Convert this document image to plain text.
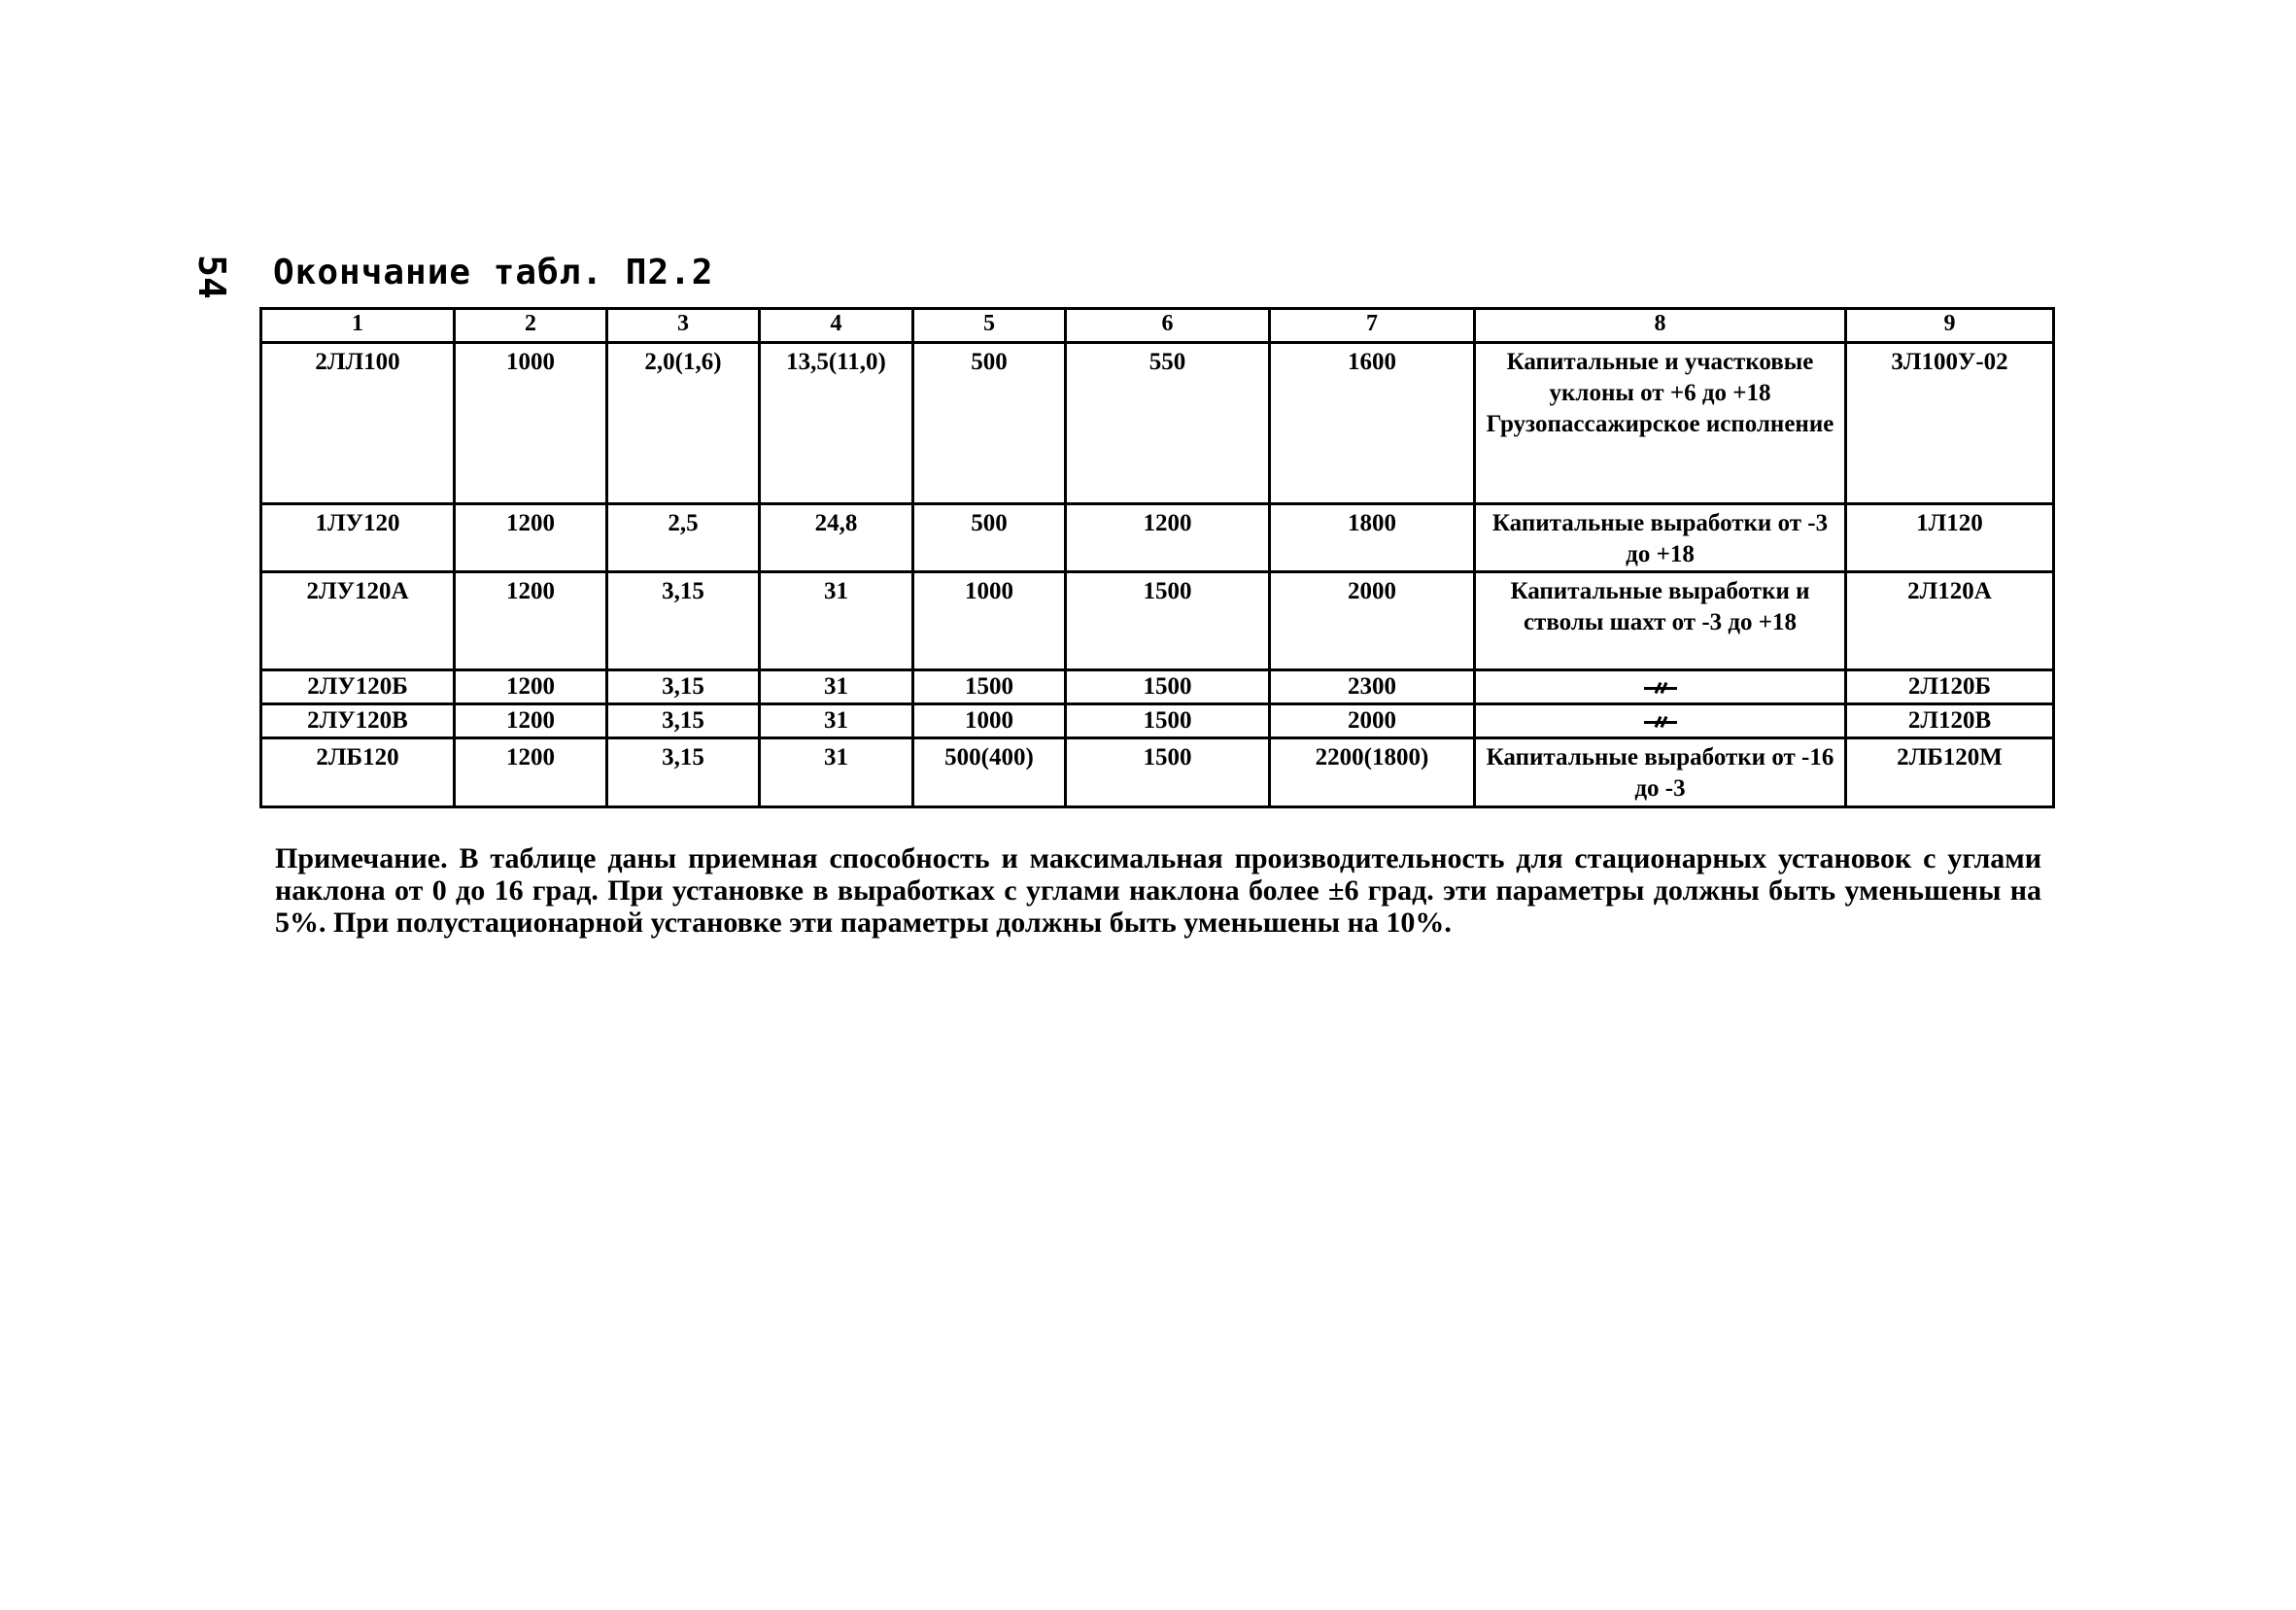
54 Окончание табл. П2.2
1	2	3	4	5	6	7	8	9
2ЛЛ100	1000	2,0(1,6)	13,5(11,0)	500	550	1600	Капитальные и участковые уклоны от +6 до +18 Грузопассажирское исполнение	3Л100У-02
1ЛУ120	1200	2,5	24,8	500	1200	1800	Капитальные выработки от -3 до +18	1Л120
2ЛУ120А	1200	3,15	31	1000	1500	2000	Капитальные выработки и стволы шахт от -3 до +18	2Л120А
2ЛУ120Б	1200	3,15	31	1500	1500	2300		2Л120Б
2ЛУ120В	1200	3,15	31	1000	1500	2000		2Л120В
2ЛБ120	1200	3,15	31	500(400)	1500	2200(1800)	Капитальные выработки от -16 до -3	2ЛБ120М
Примечание. В таблице даны приемная способность и максимальная производительность для стационарных установок с углами наклона от 0 до 16 град. При установке в выработках с углами наклона более ±6 град. эти параметры должны быть уменьшены на 5%. При полустационарной установке эти параметры должны быть уменьшены на 10%.
